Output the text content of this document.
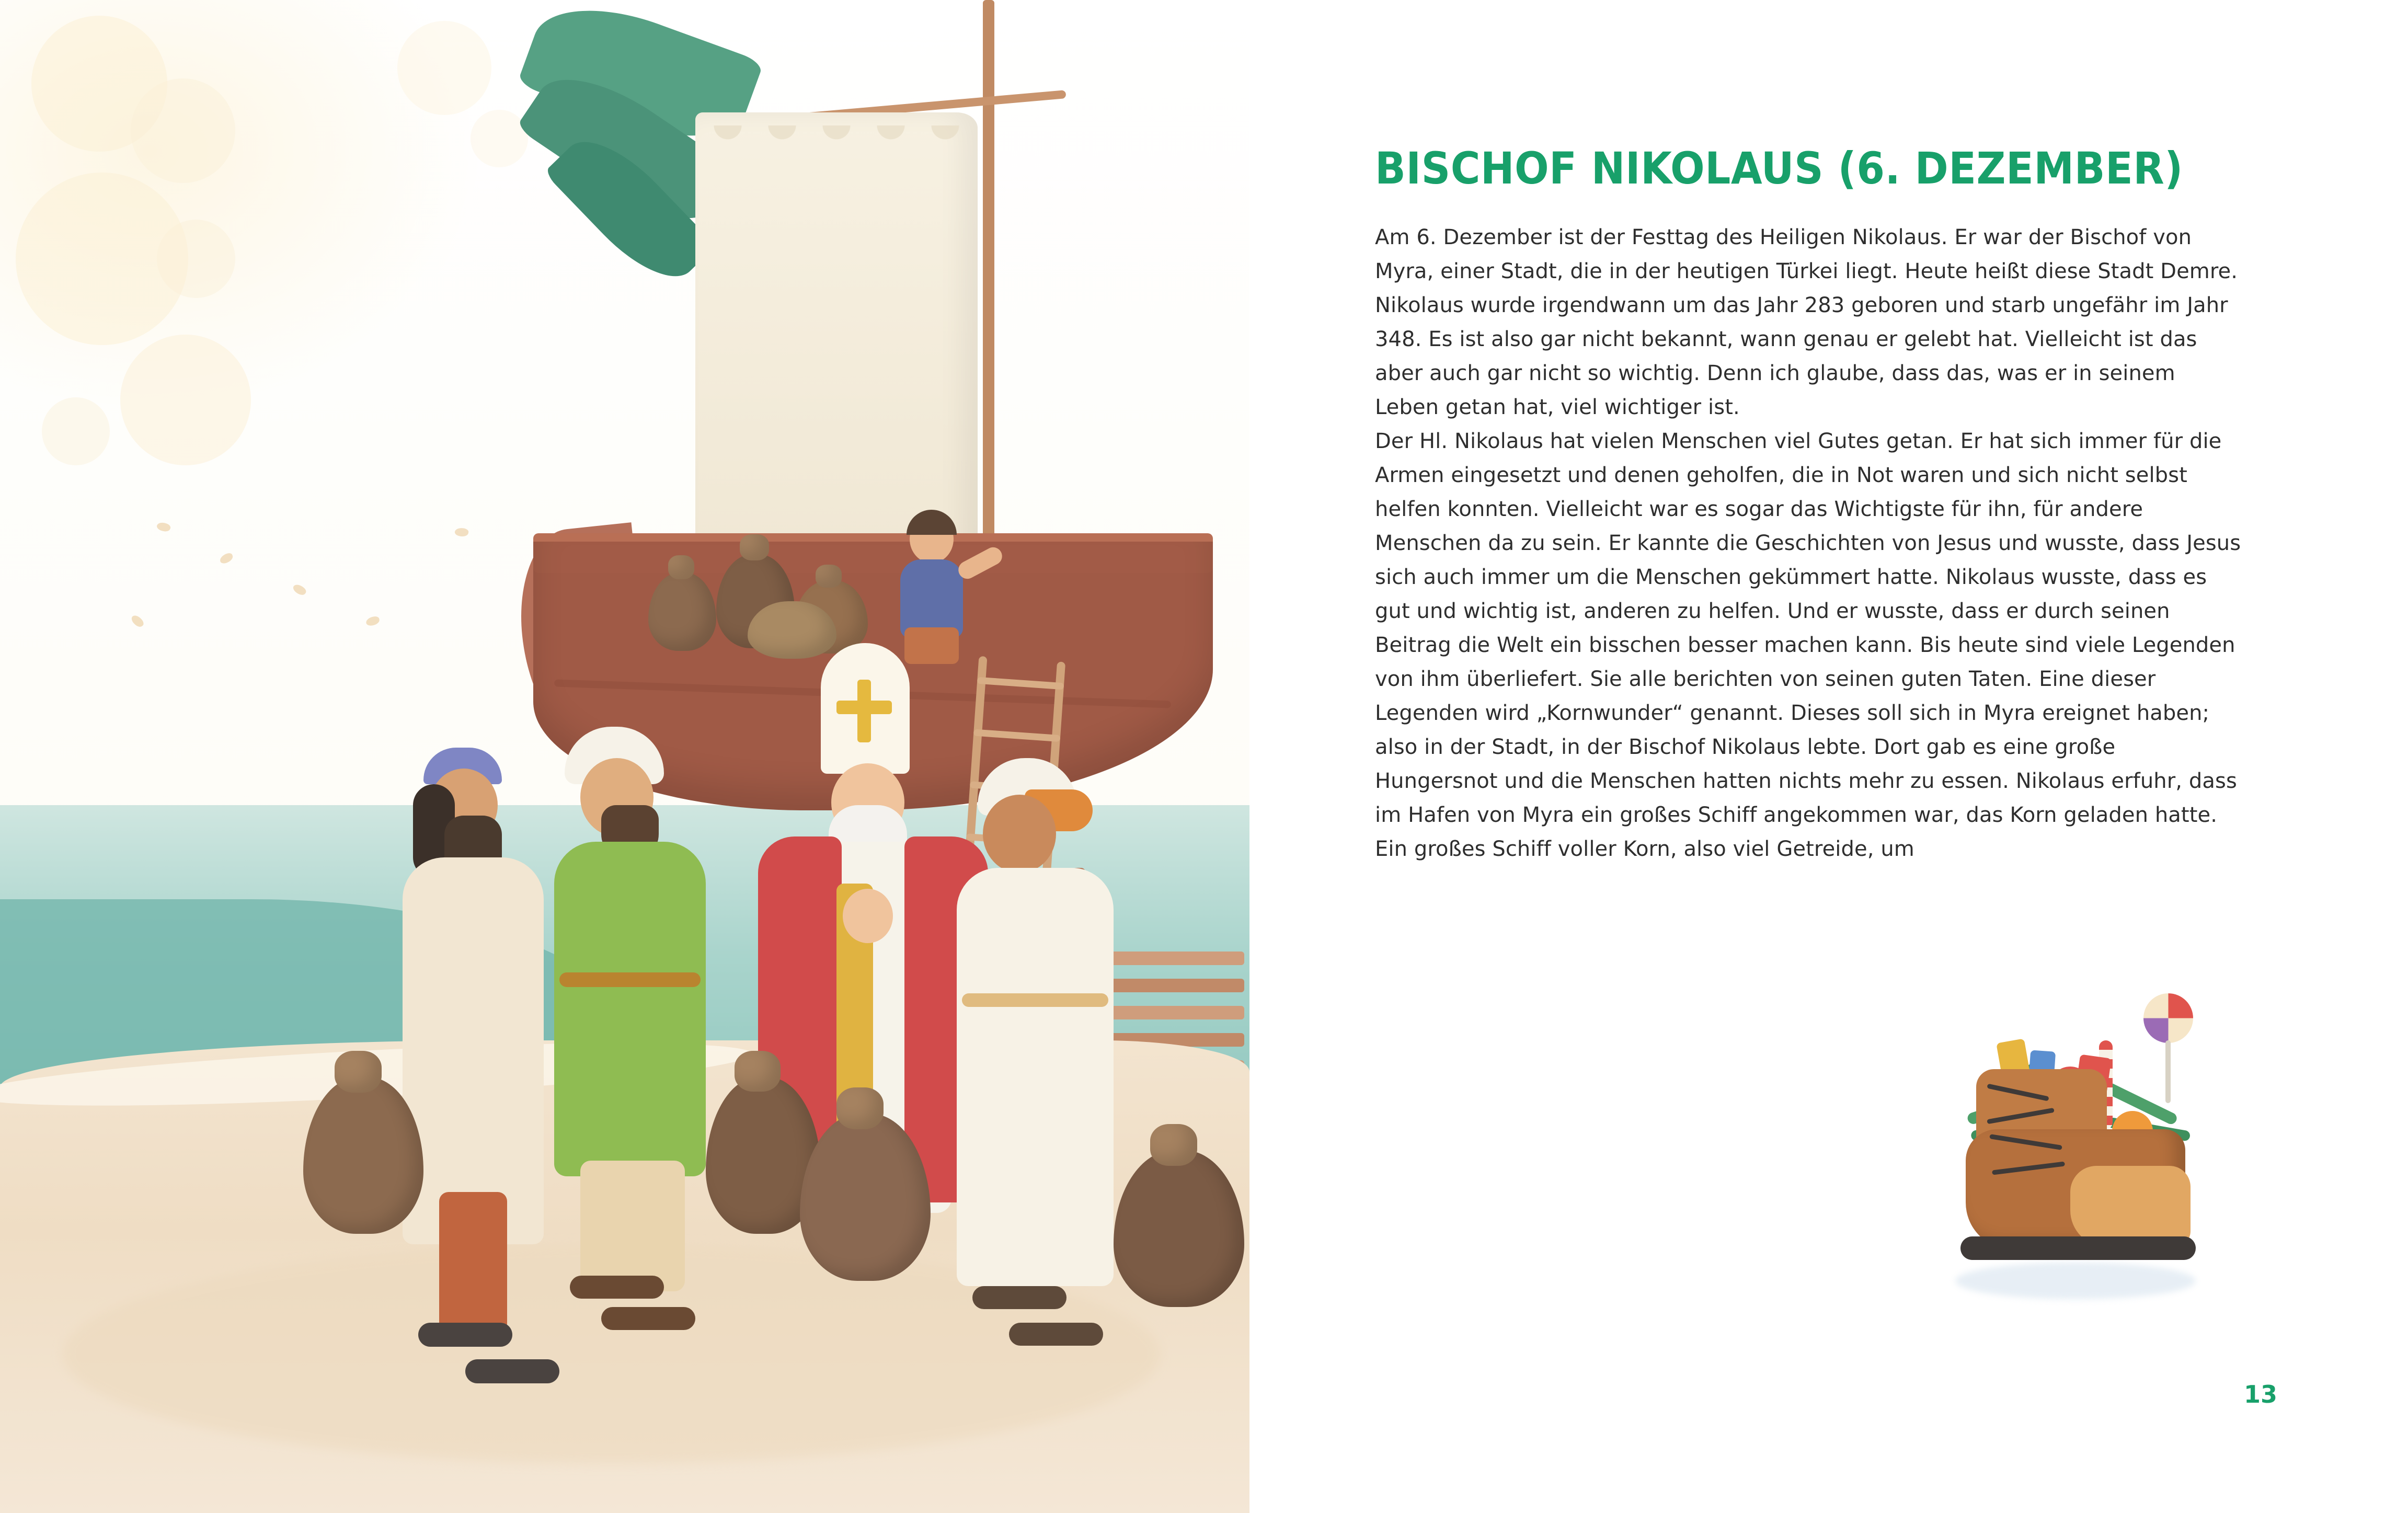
BISCHOF NIKOLAUS (6. DEZEMBER)

Am 6. Dezember ist der Festtag des Heiligen Nikolaus. Er war der Bischof von Myra, einer Stadt, die in der heutigen Türkei liegt. Heute heißt diese Stadt Demre. Nikolaus wurde irgendwann um das Jahr 283 geboren und starb ungefähr im Jahr 348. Es ist also gar nicht bekannt, wann genau er gelebt hat. Vielleicht ist das aber auch gar nicht so wichtig. Denn ich glaube, dass das, was er in seinem Leben getan hat, viel wichtiger ist.

Der Hl. Nikolaus hat vielen Menschen viel Gutes getan. Er hat sich immer für die Armen eingesetzt und denen geholfen, die in Not waren und sich nicht selbst helfen konnten. Vielleicht war es sogar das Wichtigste für ihn, für andere Menschen da zu sein. Er kannte die Geschichten von Jesus und wusste, dass Jesus sich auch immer um die Menschen gekümmert hatte. Nikolaus wusste, dass es gut und wichtig ist, anderen zu helfen. Und er wusste, dass er durch seinen Beitrag die Welt ein bisschen besser machen kann. Bis heute sind viele Legenden von ihm überliefert. Sie alle berichten von seinen guten Taten. Eine dieser Legenden wird „Kornwunder“ genannt. Dieses soll sich in Myra ereignet haben; also in der Stadt, in der Bischof Nikolaus lebte. Dort gab es eine große Hungersnot und die Menschen hatten nichts mehr zu essen. Nikolaus erfuhr, dass im Hafen von Myra ein großes Schiff angekommen war, das Korn geladen hatte. Ein großes Schiff voller Korn, also viel Getreide, um

13
